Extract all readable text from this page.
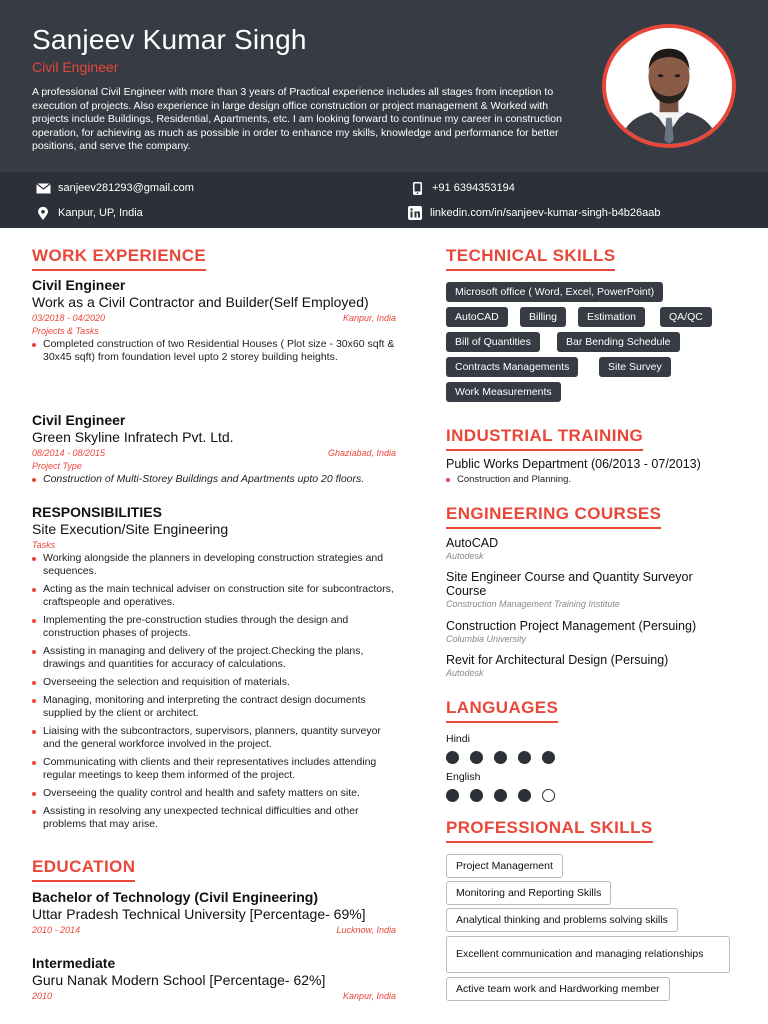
Sanjeev Kumar Singh
Civil Engineer
A professional Civil Engineer with more than 3 years of Practical experience includes all stages from inception to execution of projects. Also experience in large design office construction or project management & Worked with projects include Buildings, Residential, Apartments, etc. I am looking forward to continue my career in construction operation, for achieving as much as possible in order to enhance my skills, knowledge and performance for better positions, and serve the company.
sanjeev281293@gmail.com	+91 6394353194
Kanpur, UP, India	linkedin.com/in/sanjeev-kumar-singh-b4b26aab
WORK EXPERIENCE
Civil Engineer
Work as a Civil Contractor and Builder(Self Employed)
03/2018 - 04/2020	Kanpur, India
Projects & Tasks
Completed construction of two Residential Houses ( Plot size - 30x60 sqft & 30x45 sqft) from foundation level upto 2 storey building heights.
Civil Engineer
Green Skyline Infratech Pvt. Ltd.
08/2014 - 08/2015	Ghaziabad, India
Project Type
Construction of Multi-Storey Buildings and Apartments upto 20 floors.
RESPONSIBILITIES
Site Execution/Site Engineering
Tasks
Working alongside the planners in developing construction strategies and sequences.
Acting as the main technical adviser on construction site for subcontractors, craftspeople and operatives.
Implementing the pre-construction studies through the design and construction phases of projects.
Assisting in managing and delivery of the project.Checking the plans, drawings and quantities for accuracy of calculations.
Overseeing the selection and requisition of materials.
Managing, monitoring and interpreting the contract design documents supplied by the client or architect.
Liaising with the subcontractors, supervisors, planners, quantity surveyor and the general workforce involved in the project.
Communicating with clients and their representatives includes attending regular meetings to keep them informed of the project.
Overseeing the quality control and health and safety matters on site.
Assisting in resolving any unexpected technical difficulties and other problems that may arise.
EDUCATION
Bachelor of Technology (Civil Engineering)
Uttar Pradesh Technical University [Percentage- 69%]
2010 - 2014	Lucknow, India
Intermediate
Guru Nanak Modern School [Percentage- 62%]
2010	Kanpur, India
TECHNICAL SKILLS
Microsoft office ( Word, Excel, PowerPoint)
AutoCAD	Billing	Estimation	QA/QC
Bill of Quantities	Bar Bending Schedule
Contracts Managements	Site Survey
Work Measurements
INDUSTRIAL TRAINING
Public Works Department (06/2013 - 07/2013)
Construction and Planning.
ENGINEERING COURSES
AutoCAD
Autodesk
Site Engineer Course and Quantity Surveyor Course
Construction Management Training Institute
Construction Project Management (Persuing)
Columbia University
Revit for Architectural Design (Persuing)
Autodesk
LANGUAGES
Hindi
English
PROFESSIONAL SKILLS
Project Management
Monitoring and Reporting Skills
Analytical thinking and problems solving skills
Excellent communication and managing relationships
Active team work and Hardworking member
